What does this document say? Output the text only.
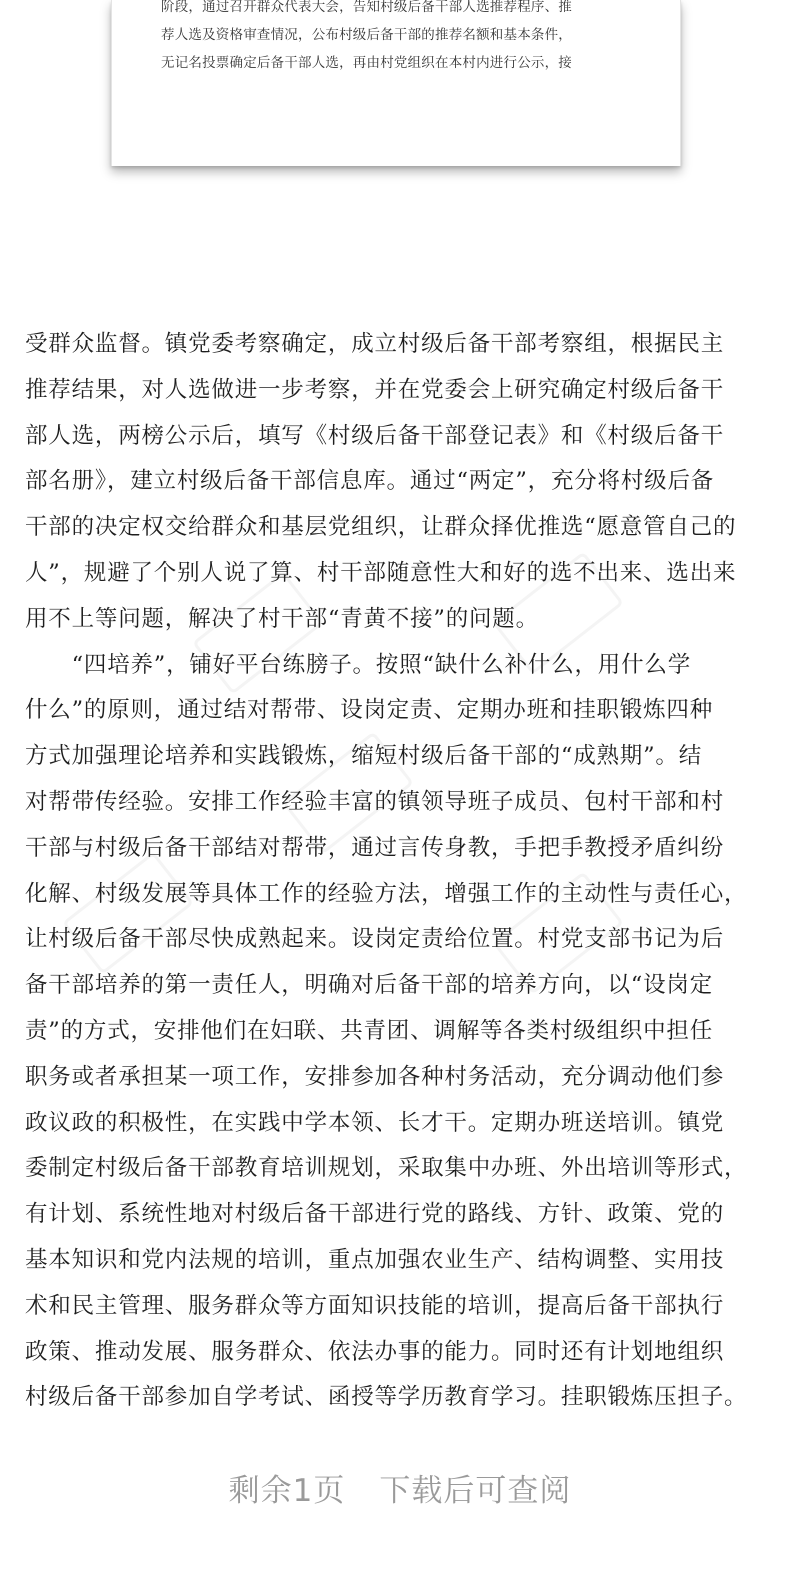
阶段，通过召开群众代表大会，告知村级后备干部人选推荐程序、推
荐人选及资格审查情况，公布村级后备干部的推荐名额和基本条件，
无记名投票确定后备干部人选，再由村党组织在本村内进行公示，接
受群众监督。镇党委考察确定，成立村级后备干部考察组，根据民主
推荐结果，对人选做进一步考察，并在党委会上研究确定村级后备干
部人选，两榜公示后，填写《村级后备干部登记表》和《村级后备干
部名册》，建立村级后备干部信息库。通过“两定”，充分将村级后备
干部的决定权交给群众和基层党组织，让群众择优推选“愿意管自己的
人”，规避了个别人说了算、村干部随意性大和好的选不出来、选出来
用不上等问题，解决了村干部“青黄不接”的问题。
　　“四培养”，铺好平台练膀子。按照“缺什么补什么，用什么学
什么”的原则，通过结对帮带、设岗定责、定期办班和挂职锻炼四种
方式加强理论培养和实践锻炼，缩短村级后备干部的“成熟期”。结
对帮带传经验。安排工作经验丰富的镇领导班子成员、包村干部和村
干部与村级后备干部结对帮带，通过言传身教，手把手教授矛盾纠纷
化解、村级发展等具体工作的经验方法，增强工作的主动性与责任心，
让村级后备干部尽快成熟起来。设岗定责给位置。村党支部书记为后
备干部培养的第一责任人，明确对后备干部的培养方向，以“设岗定
责”的方式，安排他们在妇联、共青团、调解等各类村级组织中担任
职务或者承担某一项工作，安排参加各种村务活动，充分调动他们参
政议政的积极性，在实践中学本领、长才干。定期办班送培训。镇党
委制定村级后备干部教育培训规划，采取集中办班、外出培训等形式，
有计划、系统性地对村级后备干部进行党的路线、方针、政策、党的
基本知识和党内法规的培训，重点加强农业生产、结构调整、实用技
术和民主管理、服务群众等方面知识技能的培训，提高后备干部执行
政策、推动发展、服务群众、依法办事的能力。同时还有计划地组织
村级后备干部参加自学考试、函授等学历教育学习。挂职锻炼压担子。
剩余1页 下载后可查阅
